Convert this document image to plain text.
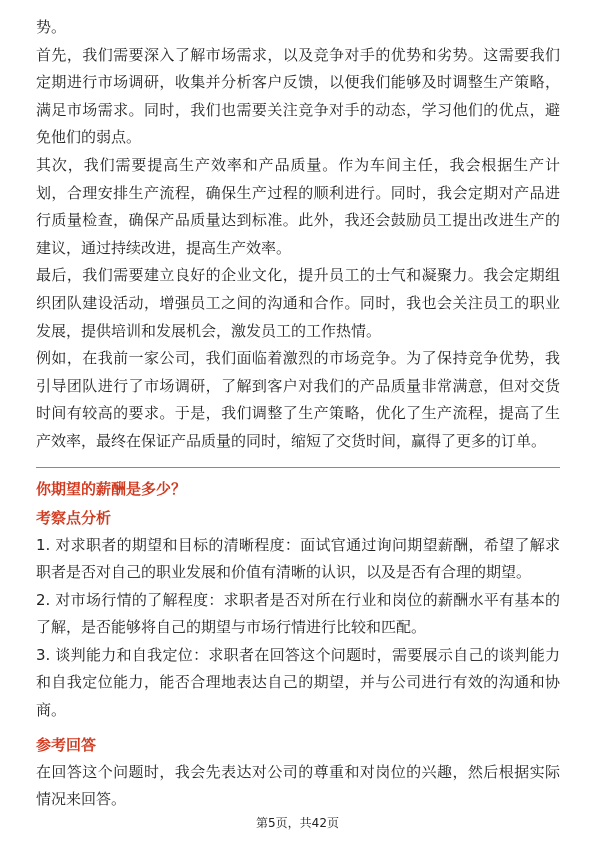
势。

首先，我们需要深入了解市场需求，以及竞争对手的优势和劣势。这需要我们定期进行市场调研，收集并分析客户反馈，以便我们能够及时调整生产策略，满足市场需求。同时，我们也需要关注竞争对手的动态，学习他们的优点，避免他们的弱点。

其次，我们需要提高生产效率和产品质量。作为车间主任，我会根据生产计划，合理安排生产流程，确保生产过程的顺利进行。同时，我会定期对产品进行质量检查，确保产品质量达到标准。此外，我还会鼓励员工提出改进生产的建议，通过持续改进，提高生产效率。

最后，我们需要建立良好的企业文化，提升员工的士气和凝聚力。我会定期组织团队建设活动，增强员工之间的沟通和合作。同时，我也会关注员工的职业发展，提供培训和发展机会，激发员工的工作热情。

例如，在我前一家公司，我们面临着激烈的市场竞争。为了保持竞争优势，我引导团队进行了市场调研，了解到客户对我们的产品质量非常满意，但对交货时间有较高的要求。于是，我们调整了生产策略，优化了生产流程，提高了生产效率，最终在保证产品质量的同时，缩短了交货时间，赢得了更多的订单。

你期望的薪酬是多少？
考察点分析

1. 对求职者的期望和目标的清晰程度：面试官通过询问期望薪酬，希望了解求职者是否对自己的职业发展和价值有清晰的认识，以及是否有合理的期望。

2. 对市场行情的了解程度：求职者是否对所在行业和岗位的薪酬水平有基本的了解，是否能够将自己的期望与市场行情进行比较和匹配。

3. 谈判能力和自我定位：求职者在回答这个问题时，需要展示自己的谈判能力和自我定位能力，能否合理地表达自己的期望，并与公司进行有效的沟通和协商。

参考回答

在回答这个问题时，我会先表达对公司的尊重和对岗位的兴趣，然后根据实际情况来回答。

第5页，共42页
